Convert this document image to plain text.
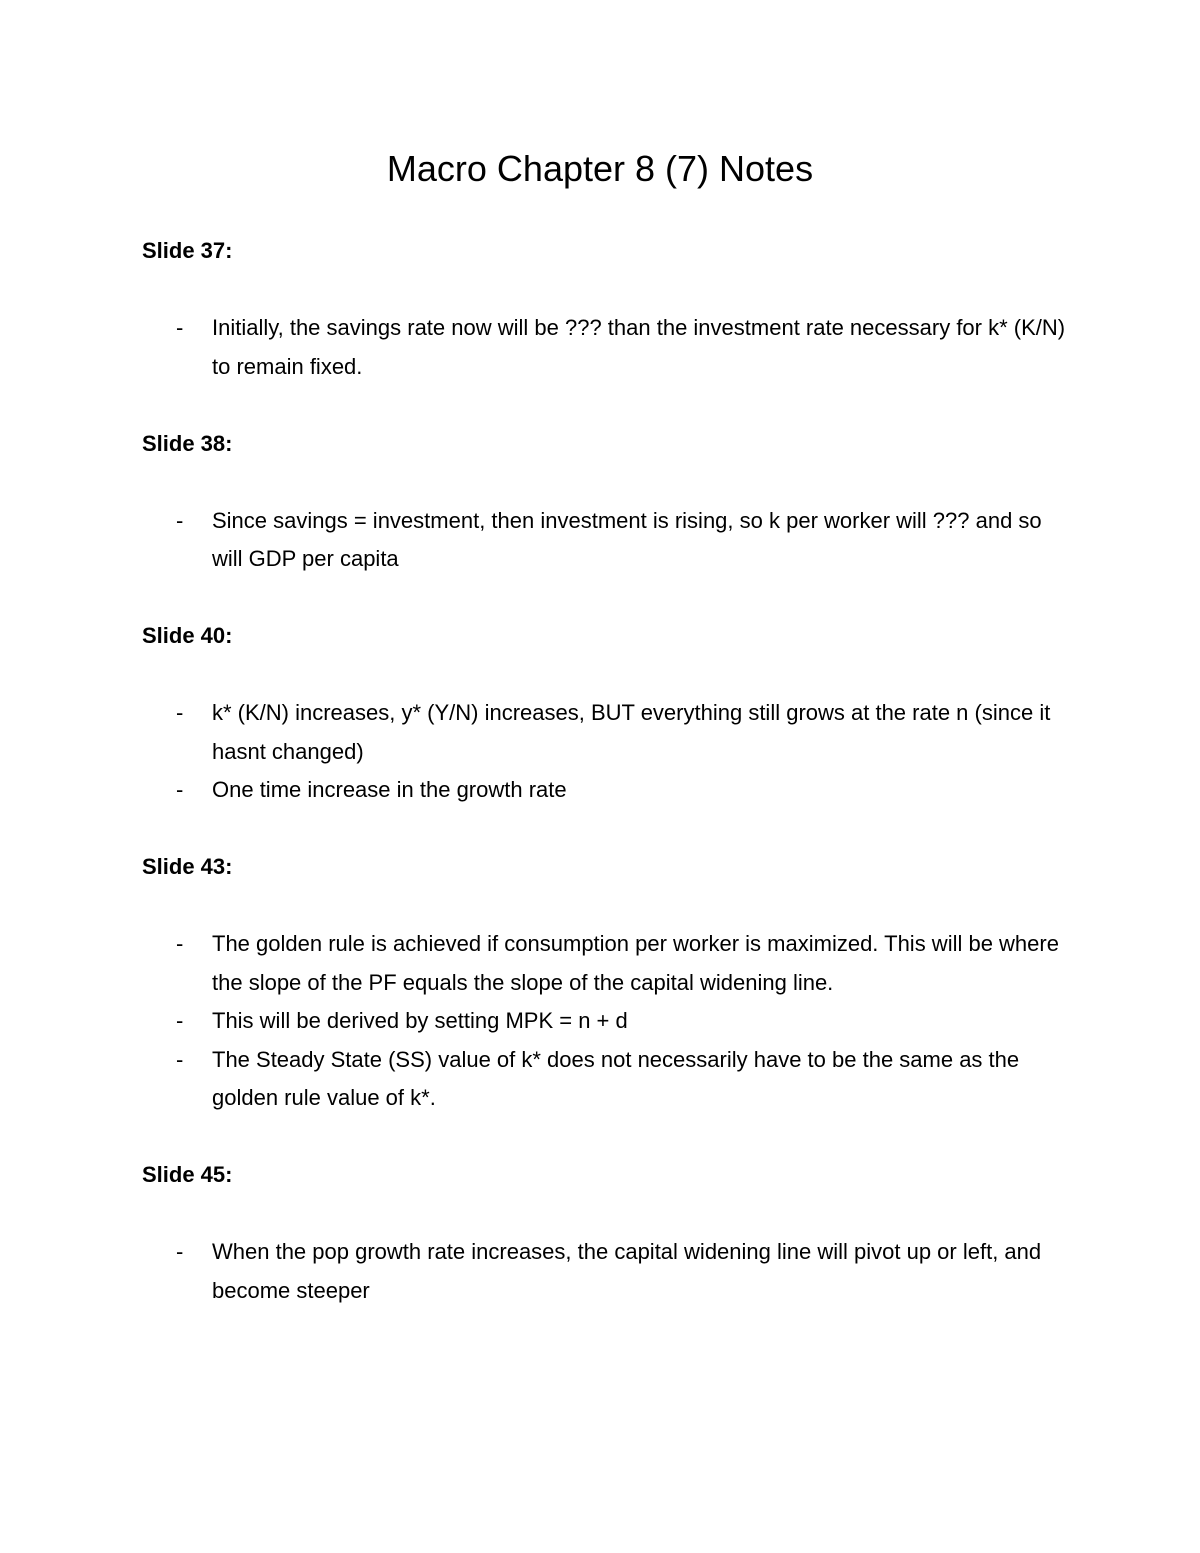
Macro Chapter 8 (7) Notes
Slide 37:
- Initially, the savings rate now will be ??? than the investment rate necessary for k* (K/N) to remain fixed.
Slide 38:
- Since savings = investment, then investment is rising, so k per worker will ??? and so will GDP per capita
Slide 40:
- k* (K/N) increases, y* (Y/N) increases, BUT everything still grows at the rate n (since it hasnt changed)
- One time increase in the growth rate
Slide 43:
- The golden rule is achieved if consumption per worker is maximized. This will be where the slope of the PF equals the slope of the capital widening line.
- This will be derived by setting MPK = n + d
- The Steady State (SS) value of k* does not necessarily have to be the same as the golden rule value of k*.
Slide 45:
- When the pop growth rate increases, the capital widening line will pivot up or left, and become steeper
